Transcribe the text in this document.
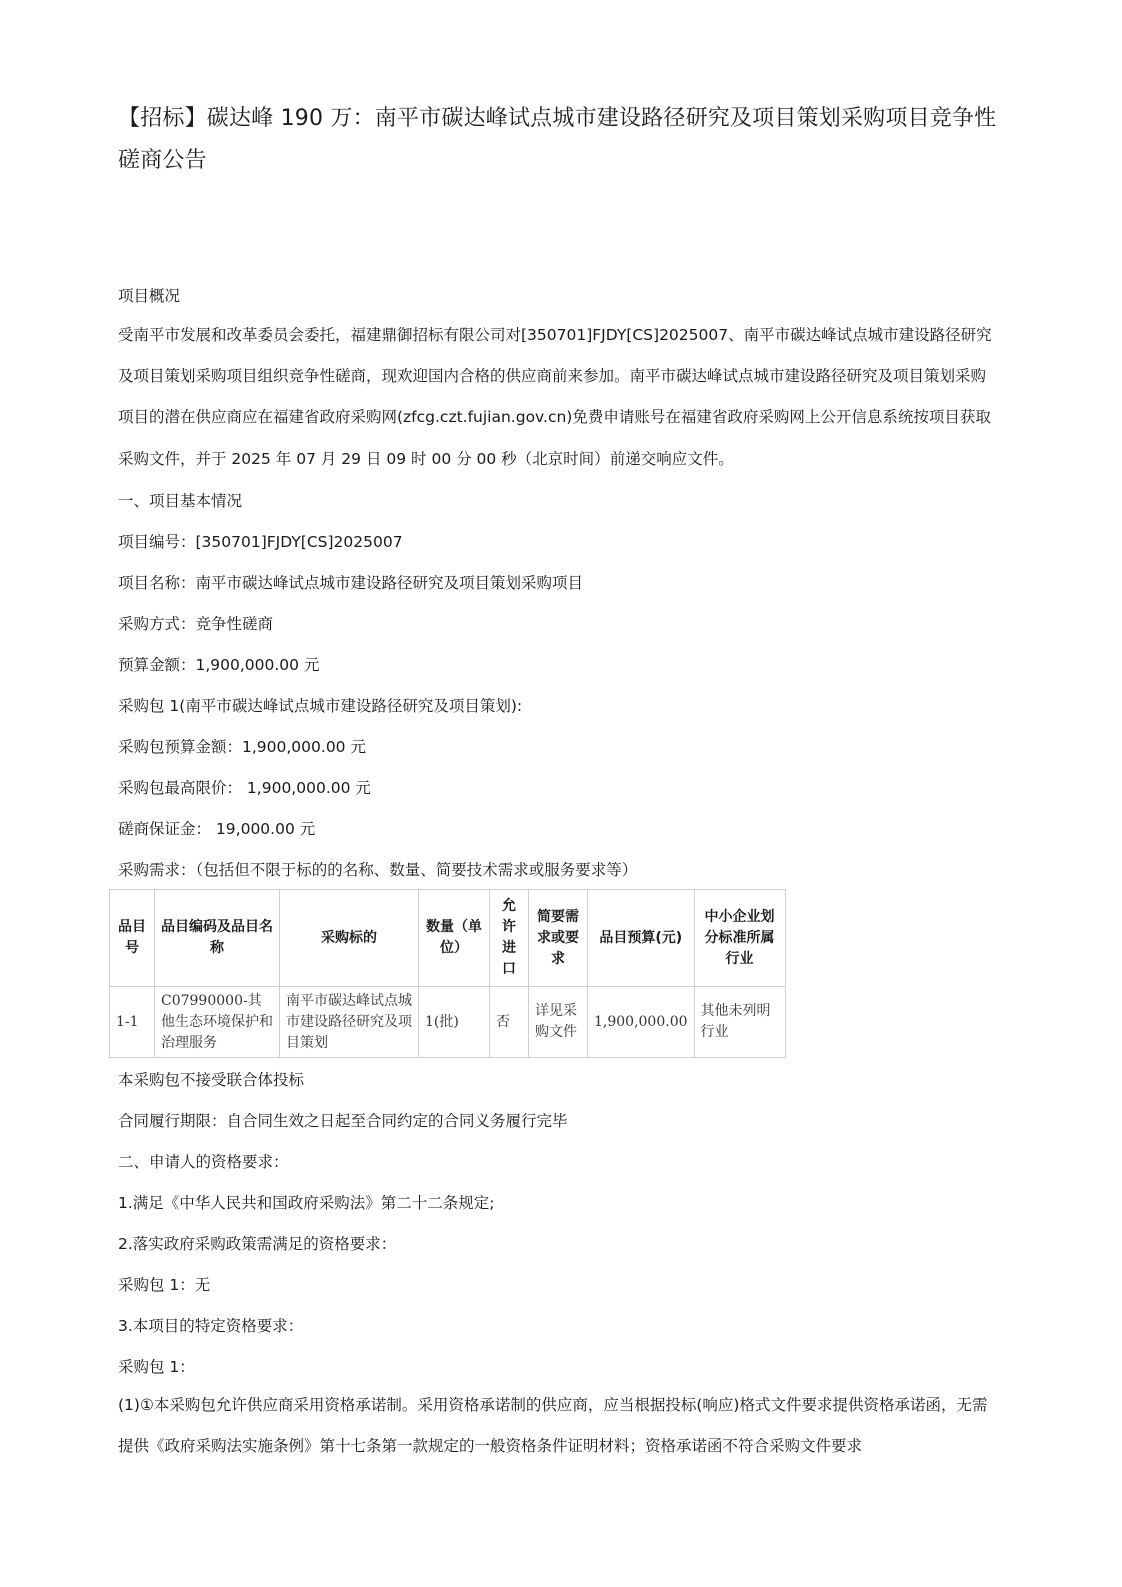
【招标】碳达峰 190 万：南平市碳达峰试点城市建设路径研究及项目策划采购项目竞争性磋商公告
项目概况

受南平市发展和改革委员会委托，福建鼎御招标有限公司对[350701]FJDY[CS]2025007、南平市碳达峰试点城市建设路径研究及项目策划采购项目组织竞争性磋商，现欢迎国内合格的供应商前来参加。南平市碳达峰试点城市建设路径研究及项目策划采购项目的潜在供应商应在福建省政府采购网(zfcg.czt.fujian.gov.cn)免费申请账号在福建省政府采购网上公开信息系统按项目获取采购文件，并于 2025 年 07 月 29 日 09 时 00 分 00 秒（北京时间）前递交响应文件。

一、项目基本情况
项目编号：[350701]FJDY[CS]2025007
项目名称：南平市碳达峰试点城市建设路径研究及项目策划采购项目
采购方式：竞争性磋商
预算金额：1,900,000.00 元
采购包 1(南平市碳达峰试点城市建设路径研究及项目策划):
采购包预算金额：1,900,000.00 元
采购包最高限价： 1,900,000.00 元
磋商保证金： 19,000.00 元
采购需求：（包括但不限于标的的名称、数量、简要技术需求或服务要求等）
品目号	品目编码及品目名称	采购标的	数量（单位）	允许进口	简要需求或要求	品目预算(元)	中小企业划分标准所属行业
1-1	C07990000-其他生态环境保护和治理服务	南平市碳达峰试点城市建设路径研究及项目策划	1(批)	否	详见采购文件	1,900,000.00	其他未列明行业
本采购包不接受联合体投标
合同履行期限：自合同生效之日起至合同约定的合同义务履行完毕
二、申请人的资格要求：
1.满足《中华人民共和国政府采购法》第二十二条规定;
2.落实政府采购政策需满足的资格要求：
采购包 1：无
3.本项目的特定资格要求：
采购包 1：

(1)①本采购包允许供应商采用资格承诺制。采用资格承诺制的供应商，应当根据投标(响应)格式文件要求提供资格承诺函，无需提供《政府采购法实施条例》第十七条第一款规定的一般资格条件证明材料；资格承诺函不符合采购文件要求
